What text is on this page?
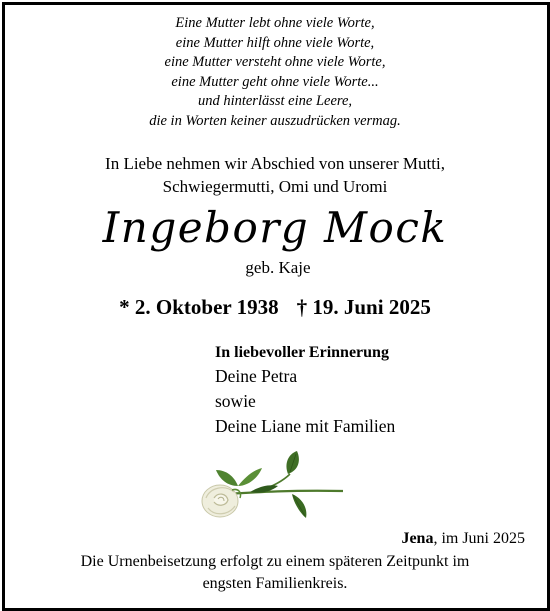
Eine Mutter lebt ohne viele Worte,
eine Mutter hilft ohne viele Worte,
eine Mutter versteht ohne viele Worte,
eine Mutter geht ohne viele Worte...
und hinterlässt eine Leere,
die in Worten keiner auszudrücken vermag.
In Liebe nehmen wir Abschied von unserer Mutti,
Schwiegermutti, Omi und Uromi
Ingeborg Mock
geb. Kaje
* 2. Oktober 1938 † 19. Juni 2025
In liebevoller Erinnerung
Deine Petra
sowie
Deine Liane mit Familien
Jena, im Juni 2025
Die Urnenbeisetzung erfolgt zu einem späteren Zeitpunkt im
engsten Familienkreis.
